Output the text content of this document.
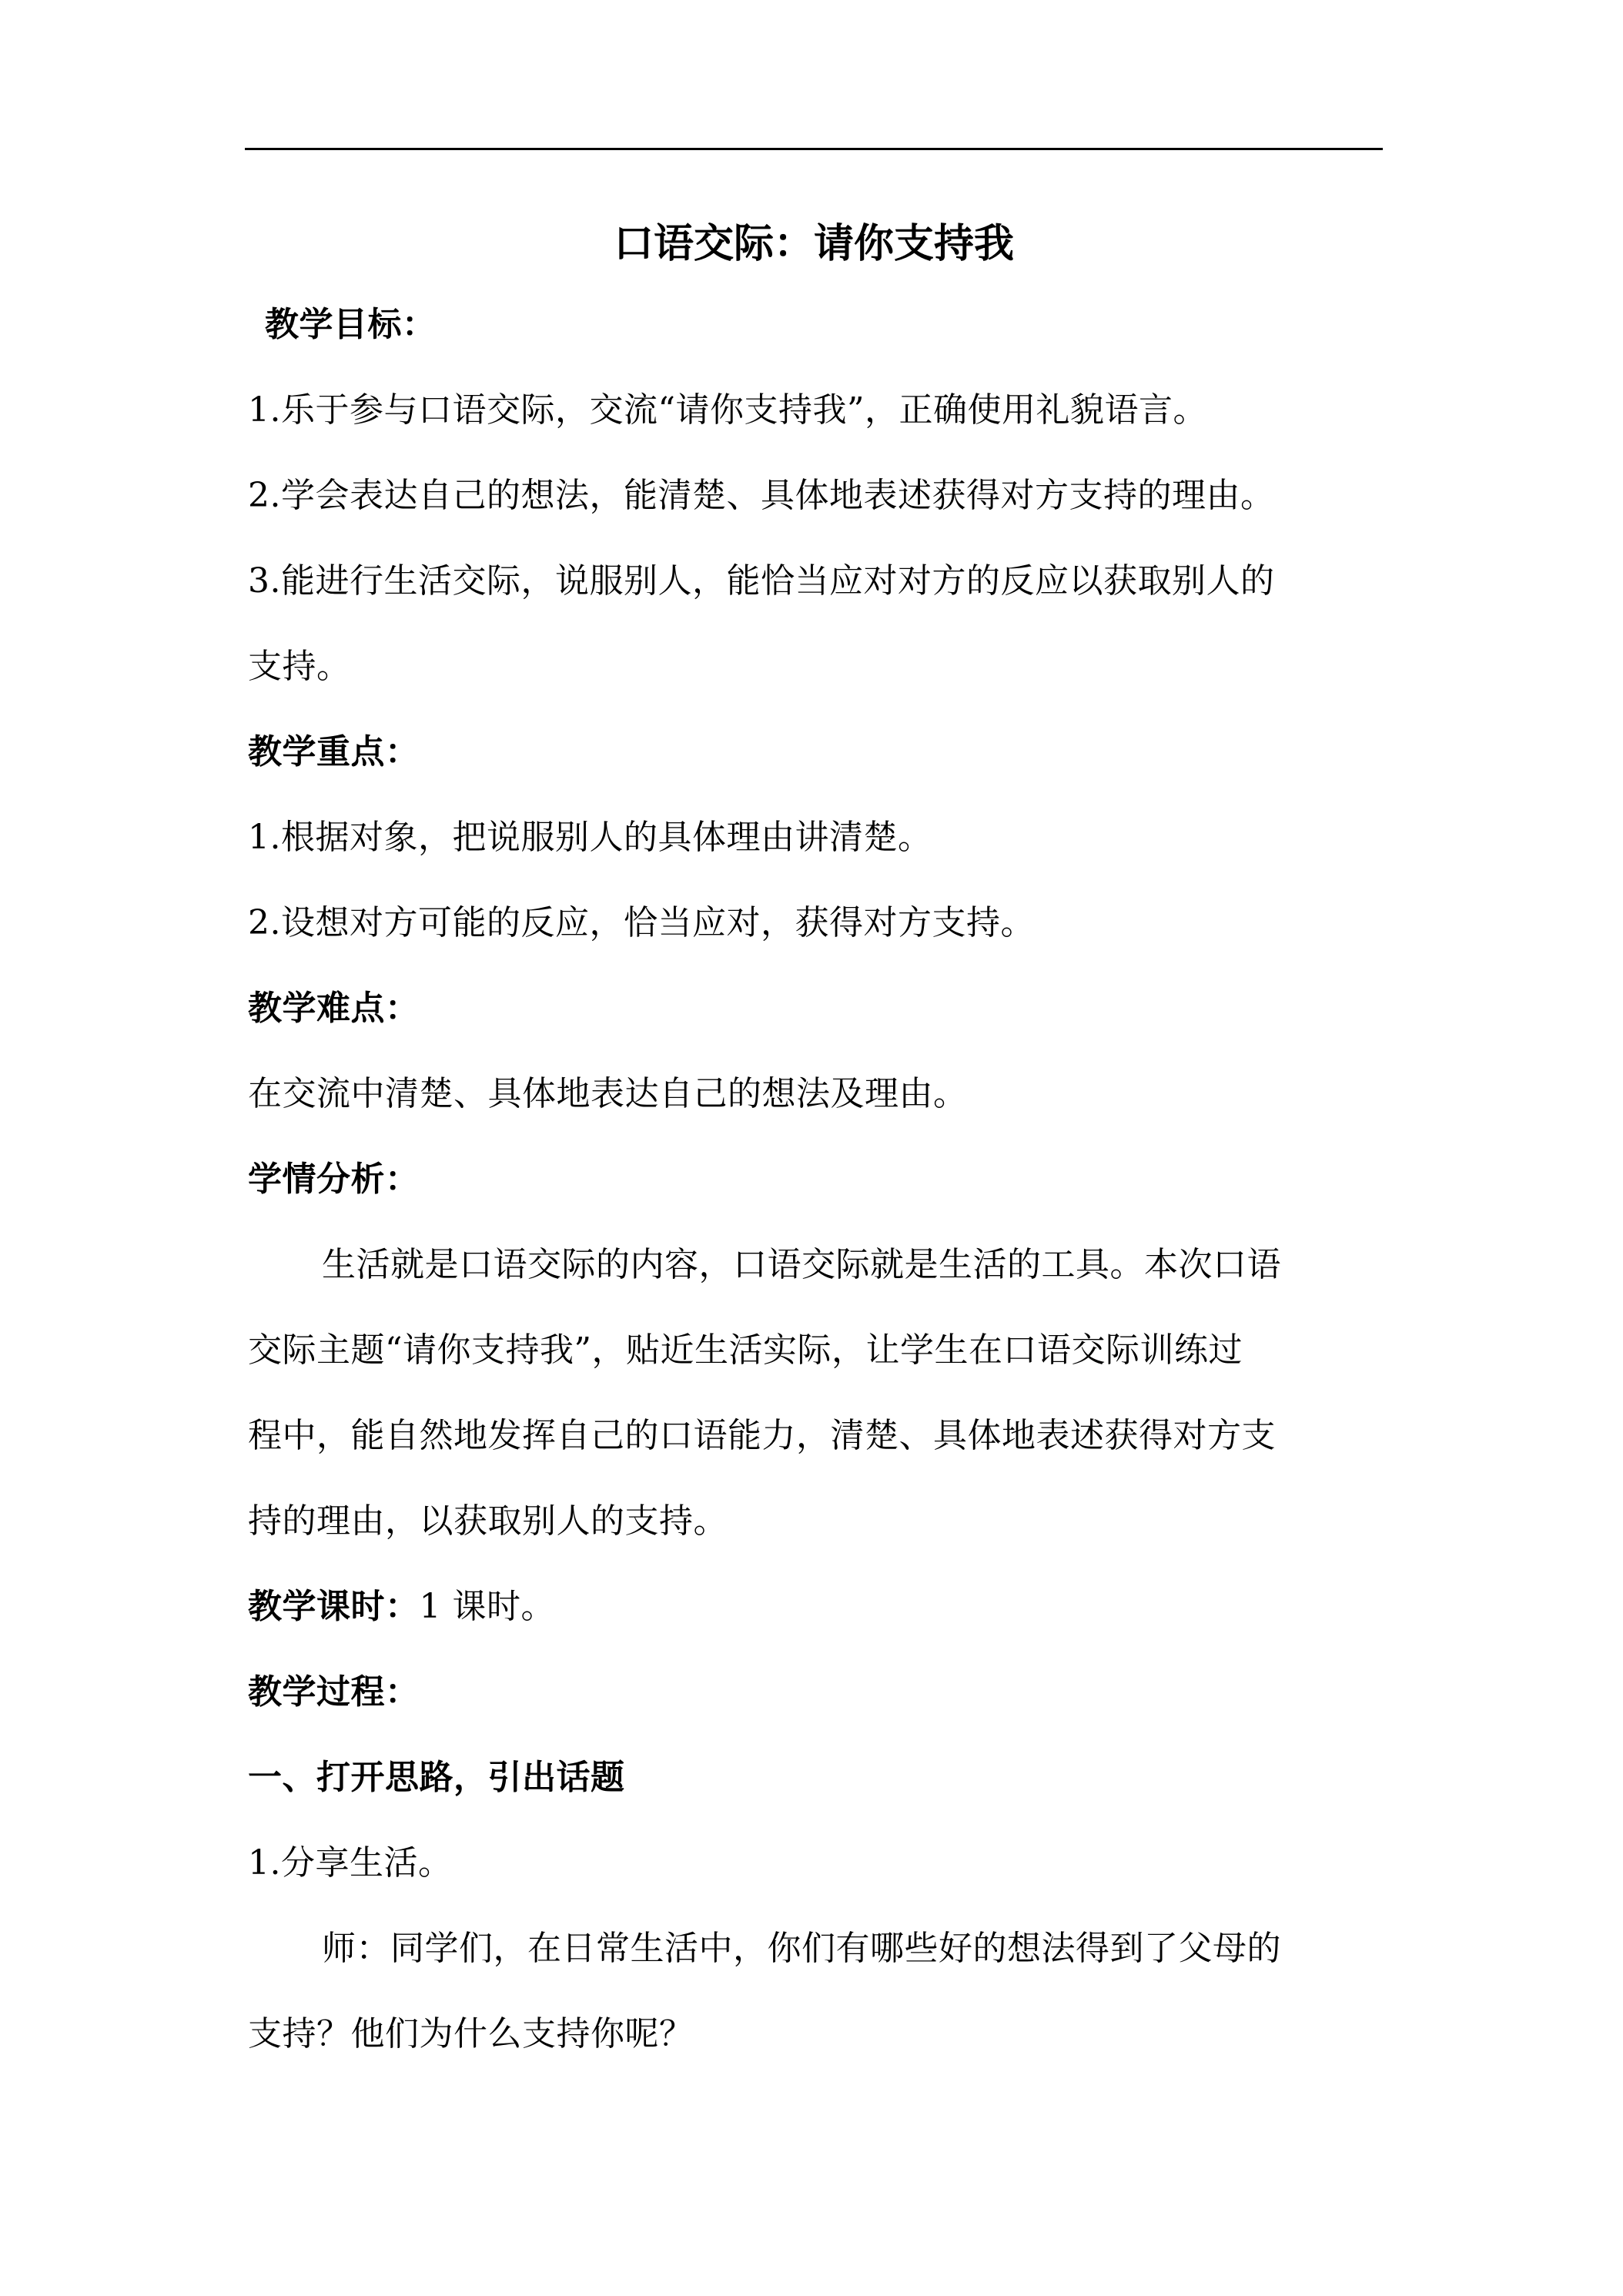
口语交际：请你支持我
教学目标：
1.乐于参与口语交际，交流“请你支持我”，正确使用礼貌语言。
2.学会表达自己的想法，能清楚、具体地表述获得对方支持的理由。
3.能进行生活交际，说服别人，能恰当应对对方的反应以获取别人的
支持。
教学重点：
1.根据对象，把说服别人的具体理由讲清楚。
2.设想对方可能的反应，恰当应对，获得对方支持。
教学难点：
在交流中清楚、具体地表达自己的想法及理由。
学情分析：
生活就是口语交际的内容，口语交际就是生活的工具。本次口语
交际主题“请你支持我”，贴近生活实际，让学生在口语交际训练过
程中，能自然地发挥自己的口语能力，清楚、具体地表述获得对方支
持的理由，以获取别人的支持。
教学课时：1 课时。
教学过程：
一、打开思路，引出话题
1.分享生活。
师：同学们，在日常生活中，你们有哪些好的想法得到了父母的
支持？他们为什么支持你呢？
